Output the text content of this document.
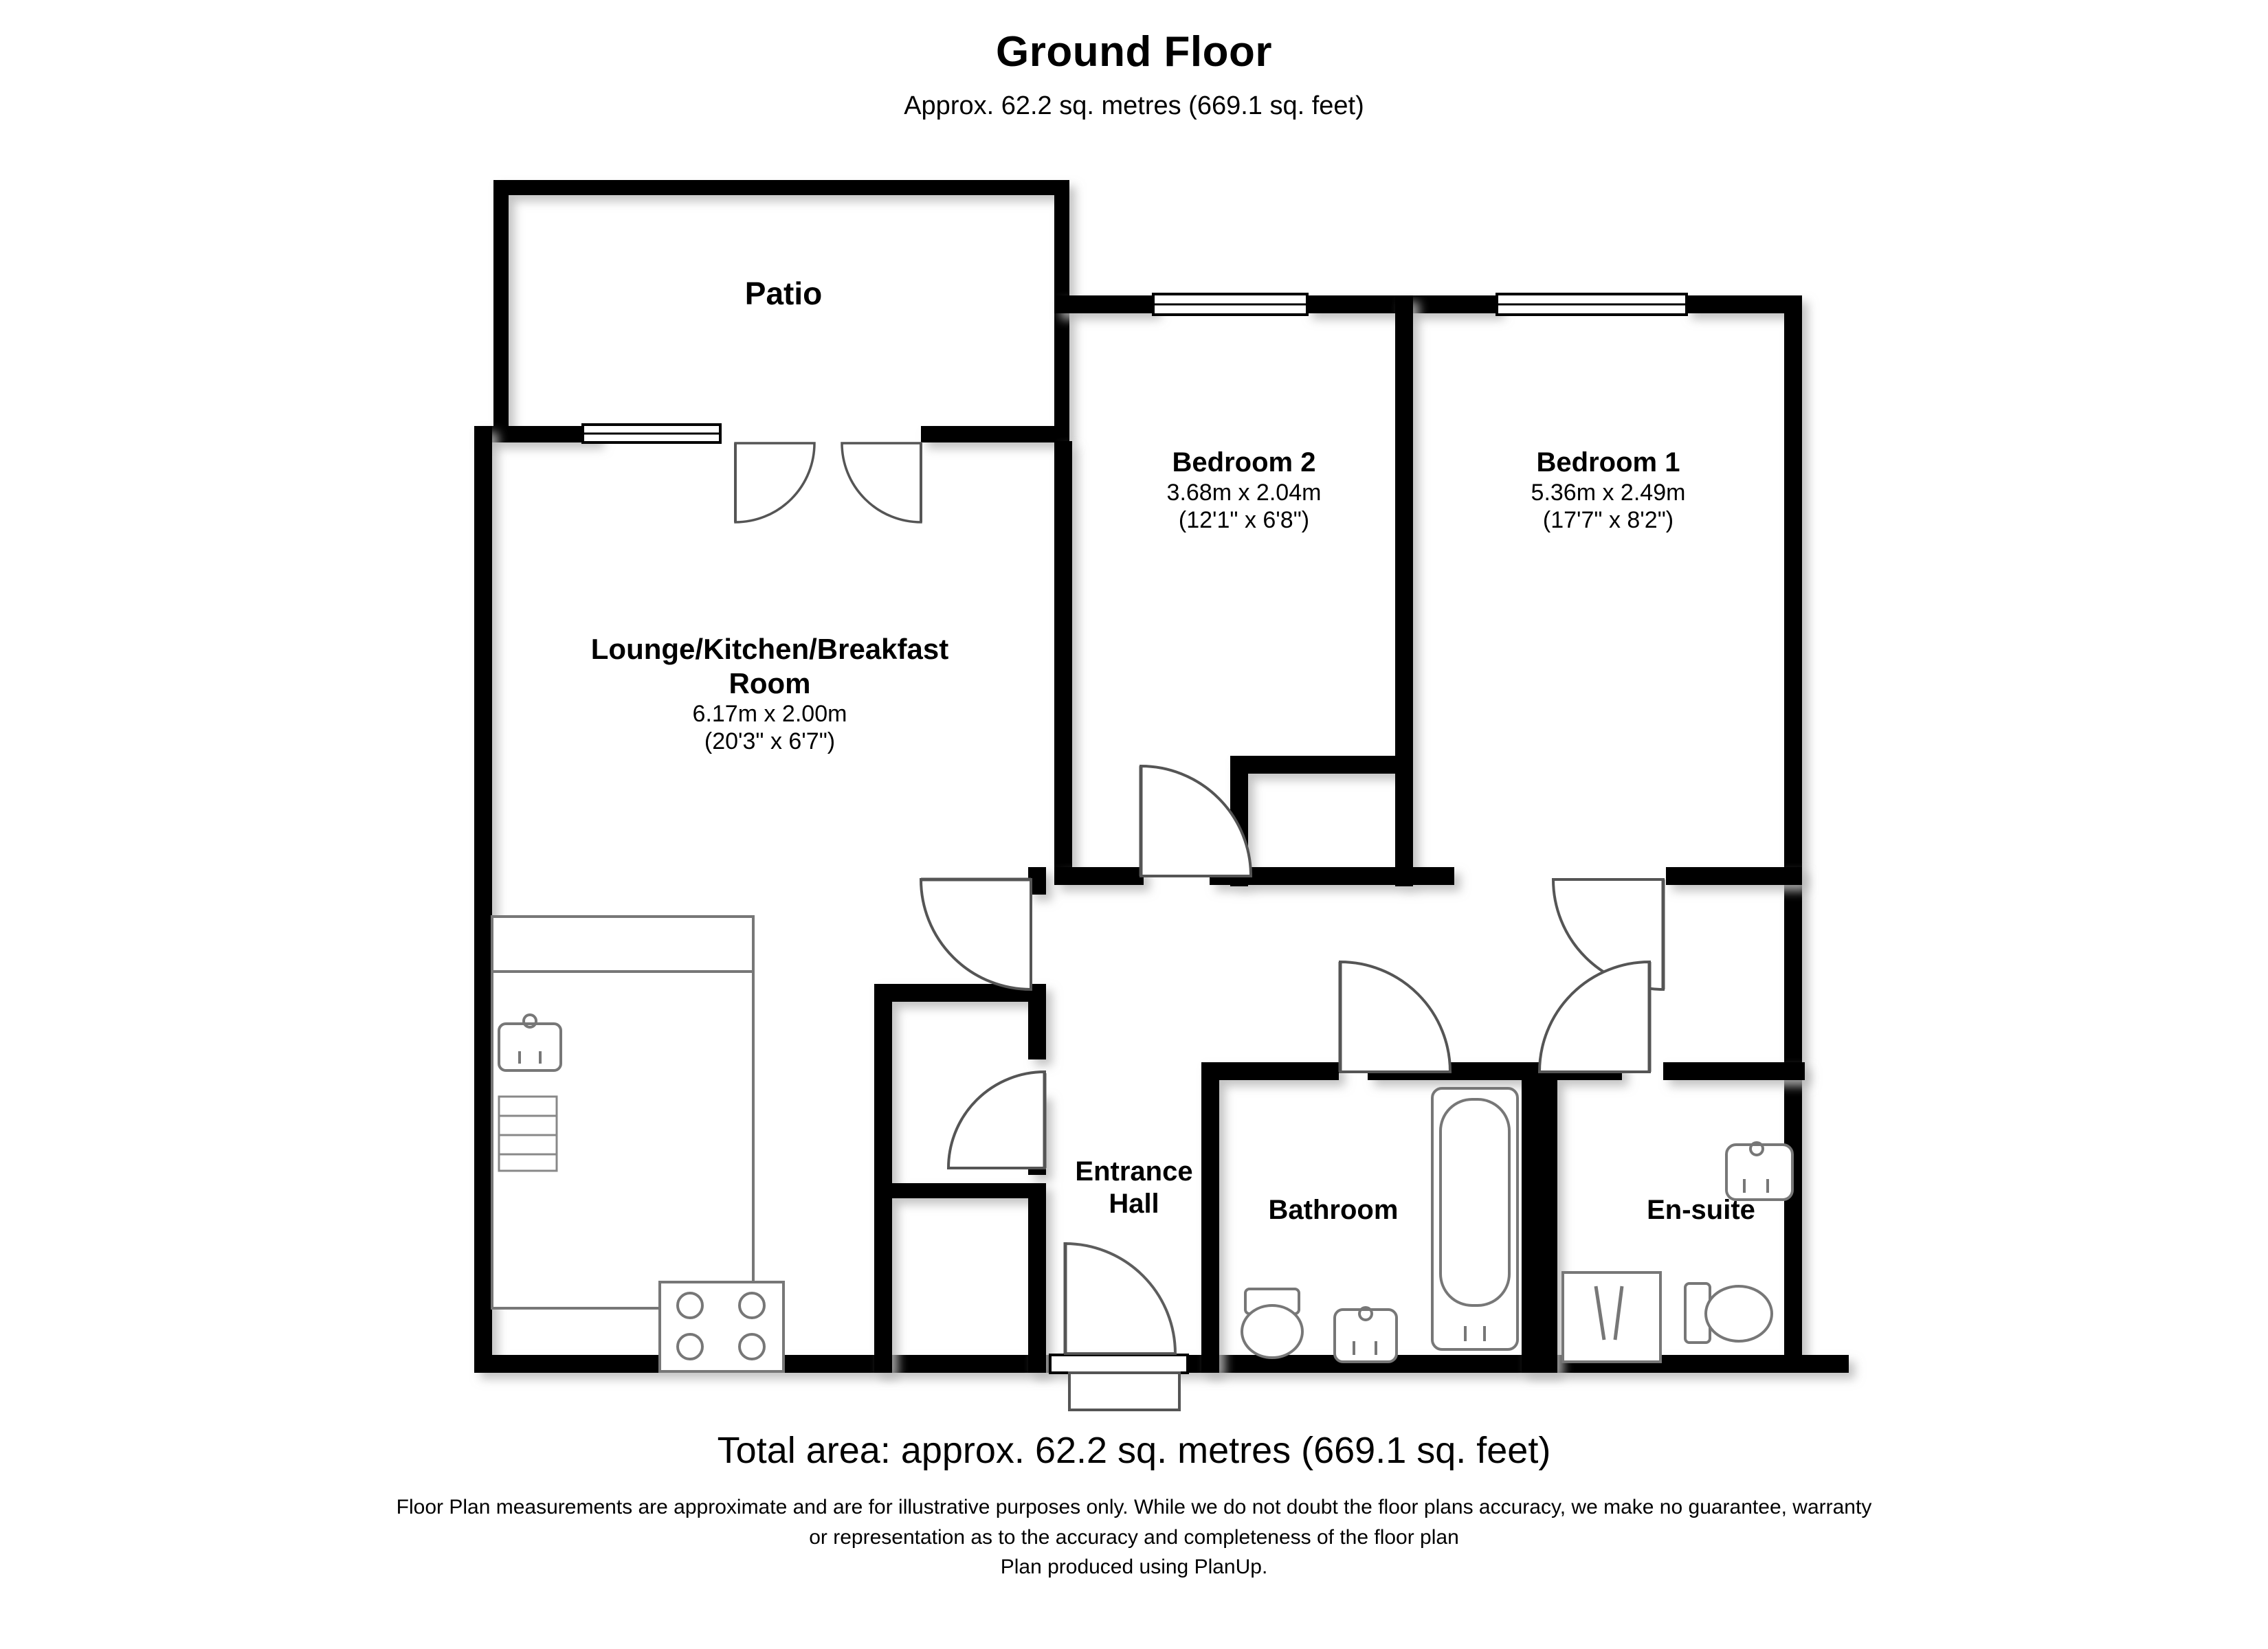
Ground Floor
Approx. 62.2 sq. metres (669.1 sq. feet)
Patio
Bedroom 2
3.68m x 2.04m
(12'1" x 6'8")
Bedroom 1
5.36m x 2.49m
(17'7" x 8'2")
Lounge/Kitchen/Breakfast
Room
6.17m x 2.00m
(20'3" x 6'7")
Entrance
Hall	Bathroom	En-suite
Total area: approx. 62.2 sq. metres (669.1 sq. feet)
Floor Plan measurements are approximate and are for illustrative purposes only. While we do not doubt the floor plans accuracy, we make no guarantee, warranty or representation as to the accuracy and completeness of the floor plan
Plan produced using PlanUp.
